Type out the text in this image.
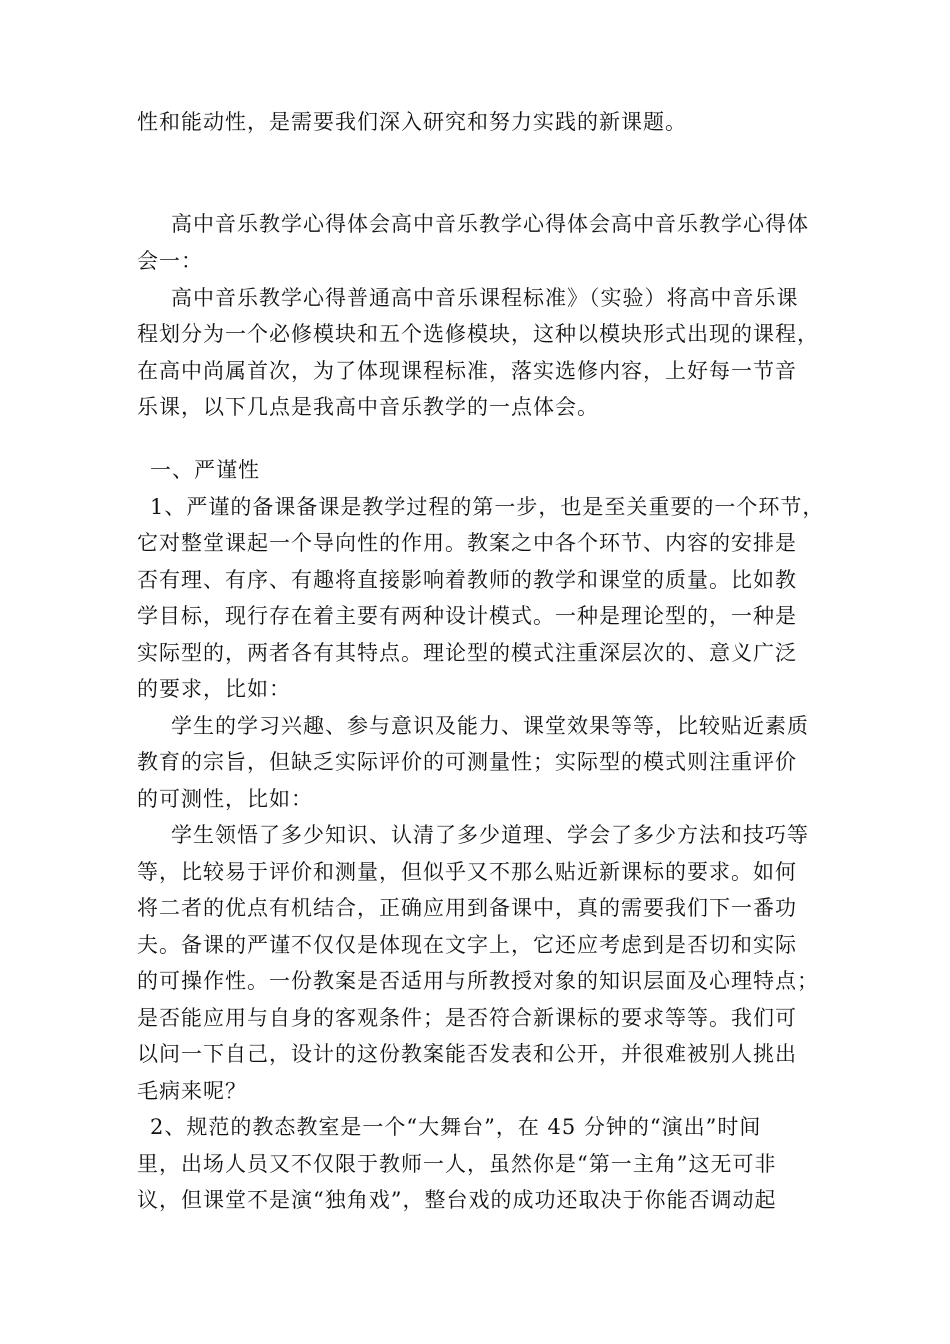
性和能动性，是需要我们深入研究和努力实践的新课题。
高中音乐教学心得体会高中音乐教学心得体会高中音乐教学心得体
会一：
高中音乐教学心得普通高中音乐课程标准》（实验）将高中音乐课
程划分为一个必修模块和五个选修模块，这种以模块形式出现的课程，
在高中尚属首次，为了体现课程标准，落实选修内容，上好每一节音
乐课，以下几点是我高中音乐教学的一点体会。
一、严谨性
1、严谨的备课备课是教学过程的第一步，也是至关重要的一个环节，
它对整堂课起一个导向性的作用。教案之中各个环节、内容的安排是
否有理、有序、有趣将直接影响着教师的教学和课堂的质量。比如教
学目标，现行存在着主要有两种设计模式。一种是理论型的，一种是
实际型的，两者各有其特点。理论型的模式注重深层次的、意义广泛
的要求，比如：
学生的学习兴趣、参与意识及能力、课堂效果等等，比较贴近素质
教育的宗旨，但缺乏实际评价的可测量性；实际型的模式则注重评价
的可测性，比如：
学生领悟了多少知识、认清了多少道理、学会了多少方法和技巧等
等，比较易于评价和测量，但似乎又不那么贴近新课标的要求。如何
将二者的优点有机结合，正确应用到备课中，真的需要我们下一番功
夫。备课的严谨不仅仅是体现在文字上，它还应考虑到是否切和实际
的可操作性。一份教案是否适用与所教授对象的知识层面及心理特点；
是否能应用与自身的客观条件；是否符合新课标的要求等等。我们可
以问一下自己，设计的这份教案能否发表和公开，并很难被别人挑出
毛病来呢？
2、规范的教态教室是一个“大舞台”，在 45 分钟的“演出”时间
里，出场人员又不仅限于教师一人，虽然你是“第一主角”这无可非
议，但课堂不是演“独角戏”，整台戏的成功还取决于你能否调动起
